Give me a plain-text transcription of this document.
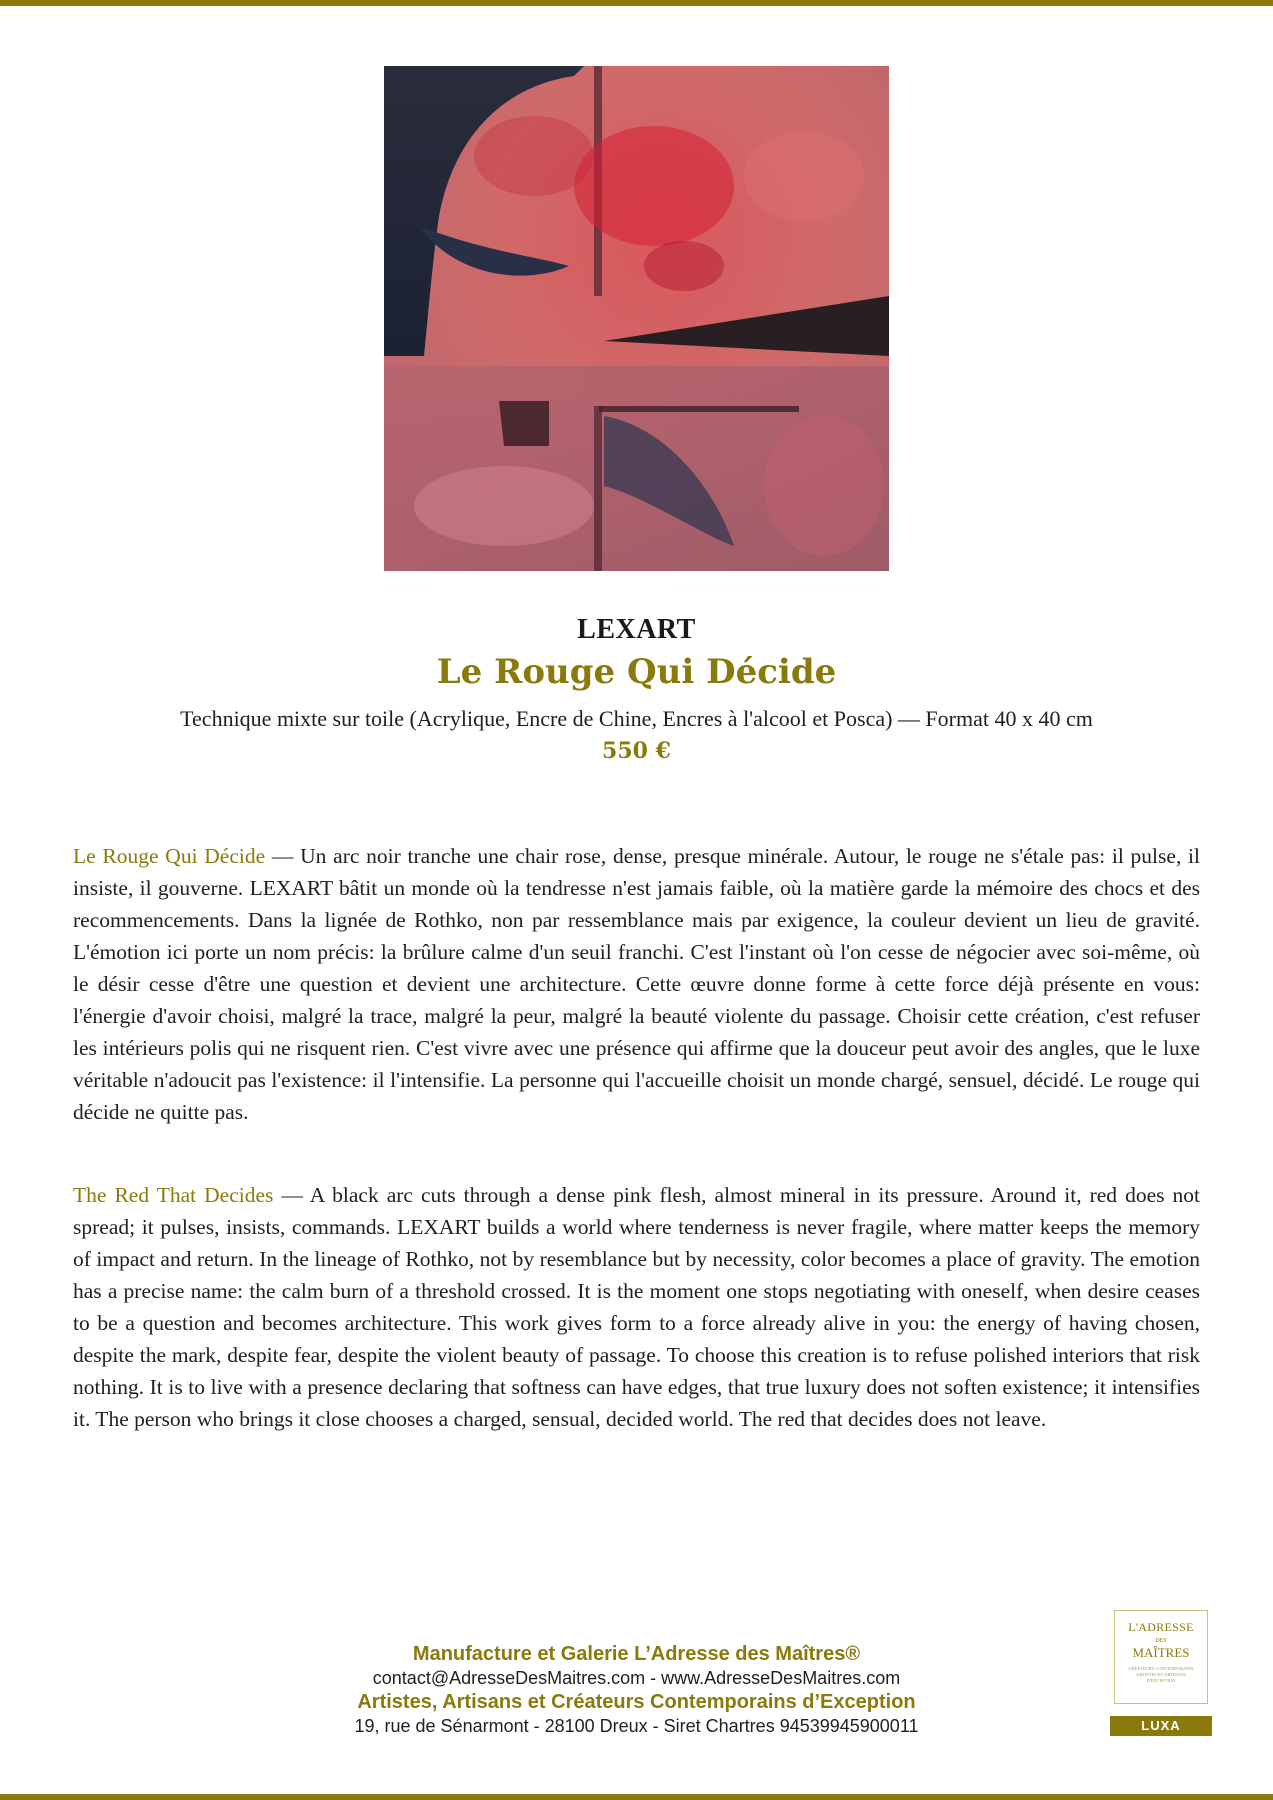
LEXART
Le Rouge Qui Décide
Technique mixte sur toile (Acrylique, Encre de Chine, Encres à l'alcool et Posca) — Format 40 x 40 cm
550 €

Le Rouge Qui Décide — Un arc noir tranche une chair rose, dense, presque minérale. Autour, le rouge ne s'étale pas: il pulse, il insiste, il gouverne. LEXART bâtit un monde où la tendresse n'est jamais faible, où la matière garde la mémoire des chocs et des recommencements. Dans la lignée de Rothko, non par ressemblance mais par exigence, la couleur devient un lieu de gravité. L'émotion ici porte un nom précis: la brûlure calme d'un seuil franchi. C'est l'instant où l'on cesse de négocier avec soi-même, où le désir cesse d'être une question et devient une architecture. Cette œuvre donne forme à cette force déjà présente en vous: l'énergie d'avoir choisi, malgré la trace, malgré la peur, malgré la beauté violente du passage. Choisir cette création, c'est refuser les intérieurs polis qui ne risquent rien. C'est vivre avec une présence qui affirme que la douceur peut avoir des angles, que le luxe véritable n'adoucit pas l'existence: il l'intensifie. La personne qui l'accueille choisit un monde chargé, sensuel, décidé. Le rouge qui décide ne quitte pas.

The Red That Decides — A black arc cuts through a dense pink flesh, almost mineral in its pressure. Around it, red does not spread; it pulses, insists, commands. LEXART builds a world where tenderness is never fragile, where matter keeps the memory of impact and return. In the lineage of Rothko, not by resemblance but by necessity, color becomes a place of gravity. The emotion has a precise name: the calm burn of a threshold crossed. It is the moment one stops negotiating with oneself, when desire ceases to be a question and becomes architecture. This work gives form to a force already alive in you: the energy of having chosen, despite the mark, despite fear, despite the violent beauty of passage. To choose this creation is to refuse polished interiors that risk nothing. It is to live with a presence declaring that softness can have edges, that true luxury does not soften existence; it intensifies it. The person who brings it close chooses a charged, sensual, decided world. The red that decides does not leave.

Manufacture et Galerie L’Adresse des Maîtres®
contact@AdresseDesMaitres.com - www.AdresseDesMaitres.com
Artistes, Artisans et Créateurs Contemporains d’Exception
19, rue de Sénarmont - 28100 Dreux - Siret Chartres 94539945900011
L'ADRESSE
DES
MAÎTRES
CRÉATEURS CONTEMPORAINS ARTISTES ET ARTISANS D'EXCEPTION
LUXA
